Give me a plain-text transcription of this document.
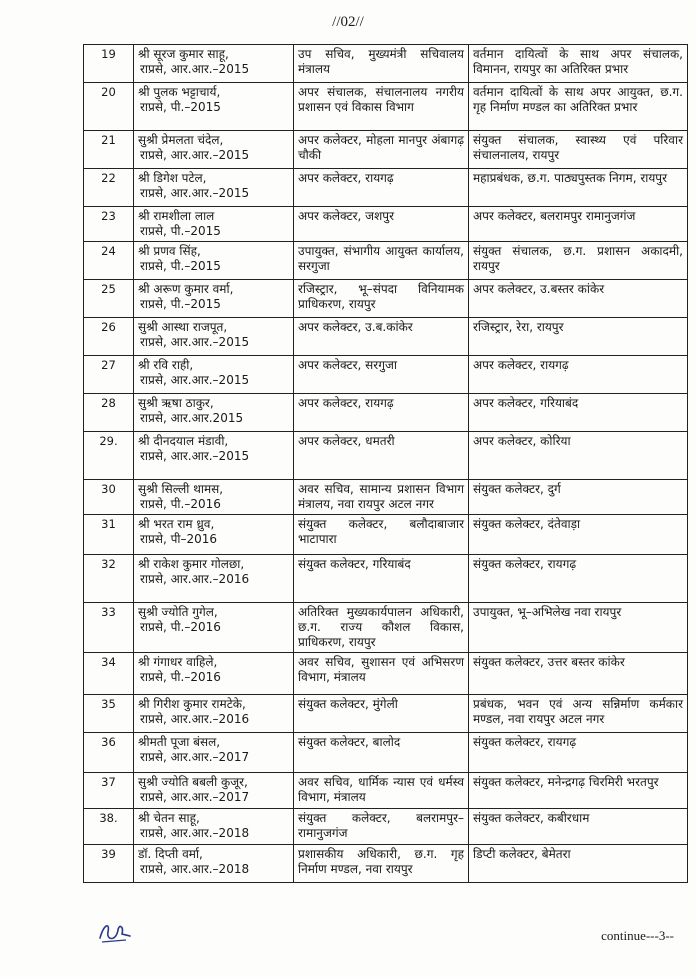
//02//
19	श्री सूरज कुमार साहू,
राप्रसे, आर.आर.–2015	उप सचिव, मुख्यमंत्री सचिवालय मंत्रालय	वर्तमान दायित्वों के साथ अपर संचालक, विमानन, रायपुर का अतिरिक्त प्रभार
20	श्री पुलक भट्टाचार्य,
राप्रसे, पी.–2015	अपर संचालक, संचालनालय नगरीय प्रशासन एवं विकास विभाग	वर्तमान दायित्वों के साथ अपर आयुक्त, छ.ग. गृह निर्माण मण्डल का अतिरिक्त प्रभार
21	सुश्री प्रेमलता चंदेल,
राप्रसे, आर.आर.–2015	अपर कलेक्टर, मोहला मानपुर अंबागढ़ चौकी	संयुक्त संचालक, स्वास्थ्य एवं परिवार संचालनालय, रायपुर
22	श्री डिगेश पटेल,
राप्रसे, आर.आर.–2015	अपर कलेक्टर, रायगढ़	महाप्रबंधक, छ.ग. पाठ्यपुस्तक निगम, रायपुर
23	श्री रामशीला लाल
राप्रसे, पी.–2015	अपर कलेक्टर, जशपुर	अपर कलेक्टर, बलरामपुर रामानुजगंज
24	श्री प्रणव सिंह,
राप्रसे, पी.–2015	उपायुक्त, संभागीय आयुक्त कार्यालय, सरगुजा	संयुक्त संचालक, छ.ग. प्रशासन अकादमी, रायपुर
25	श्री अरूण कुमार वर्मा,
राप्रसे, पी.–2015	रजिस्ट्रार, भू–संपदा विनियामक प्राधिकरण, रायपुर	अपर कलेक्टर, उ.बस्तर कांकेर
26	सुश्री आस्था राजपूत,
राप्रसे, आर.आर.–2015	अपर कलेक्टर, उ.ब.कांकेर	रजिस्ट्रार, रेरा, रायपुर
27	श्री रवि राही,
राप्रसे, आर.आर.–2015	अपर कलेक्टर, सरगुजा	अपर कलेक्टर, रायगढ़
28	सुश्री ऋषा ठाकुर,
राप्रसे, आर.आर.2015	अपर कलेक्टर, रायगढ़	अपर कलेक्टर, गरियाबंद
29.	श्री दीनदयाल मंडावी,
राप्रसे, आर.आर.–2015	अपर कलेक्टर, धमतरी	अपर कलेक्टर, कोरिया
30	सुश्री सिल्ली थामस,
राप्रसे, पी.–2016	अवर सचिव, सामान्य प्रशासन विभाग मंत्रालय, नवा रायपुर अटल नगर	संयुक्त कलेक्टर, दुर्ग
31	श्री भरत राम ध्रुव,
राप्रसे, पी–2016	संयुक्त कलेक्टर, बलौदाबाजार भाटापारा	संयुक्त कलेक्टर, दंतेवाड़ा
32	श्री राकेश कुमार गोलछा,
राप्रसे, आर.आर.–2016	संयुक्त कलेक्टर, गरियाबंद	संयुक्त कलेक्टर, रायगढ़
33	सुश्री ज्योति गुगेल,
राप्रसे, पी.–2016	अतिरिक्त मुख्यकार्यपालन अधिकारी, छ.ग. राज्य कौशल विकास, प्राधिकरण, रायपुर	उपायुक्त, भू–अभिलेख नवा रायपुर
34	श्री गंगाधर वाहिले,
राप्रसे, पी.–2016	अवर सचिव, सुशासन एवं अभिसरण विभाग, मंत्रालय	संयुक्त कलेक्टर, उत्तर बस्तर कांकेर
35	श्री गिरीश कुमार रामटेके,
राप्रसे, आर.आर.–2016	संयुक्त कलेक्टर, मुंगेली	प्रबंधक, भवन एवं अन्य सन्निर्माण कर्मकार मण्डल, नवा रायपुर अटल नगर
36	श्रीमती पूजा बंसल,
राप्रसे, आर.आर.–2017	संयुक्त कलेक्टर, बालोद	संयुक्त कलेक्टर, रायगढ़
37	सुश्री ज्योति बबली कुजूर,
राप्रसे, आर.आर.–2017	अवर सचिव, धार्मिक न्यास एवं धर्मस्व विभाग, मंत्रालय	संयुक्त कलेक्टर, मनेन्द्रगढ़ चिरमिरी भरतपुर
38.	श्री चेतन साहू,
राप्रसे, आर.आर.–2018	संयुक्त कलेक्टर, बलरामपुर–रामानुजगंज	संयुक्त कलेक्टर, कबीरधाम
39	डॉ. दिप्ती वर्मा,
राप्रसे, आर.आर.–2018	प्रशासकीय अधिकारी, छ.ग. गृह निर्माण मण्डल, नवा रायपुर	डिप्टी कलेक्टर, बेमेतरा
continue---3--
